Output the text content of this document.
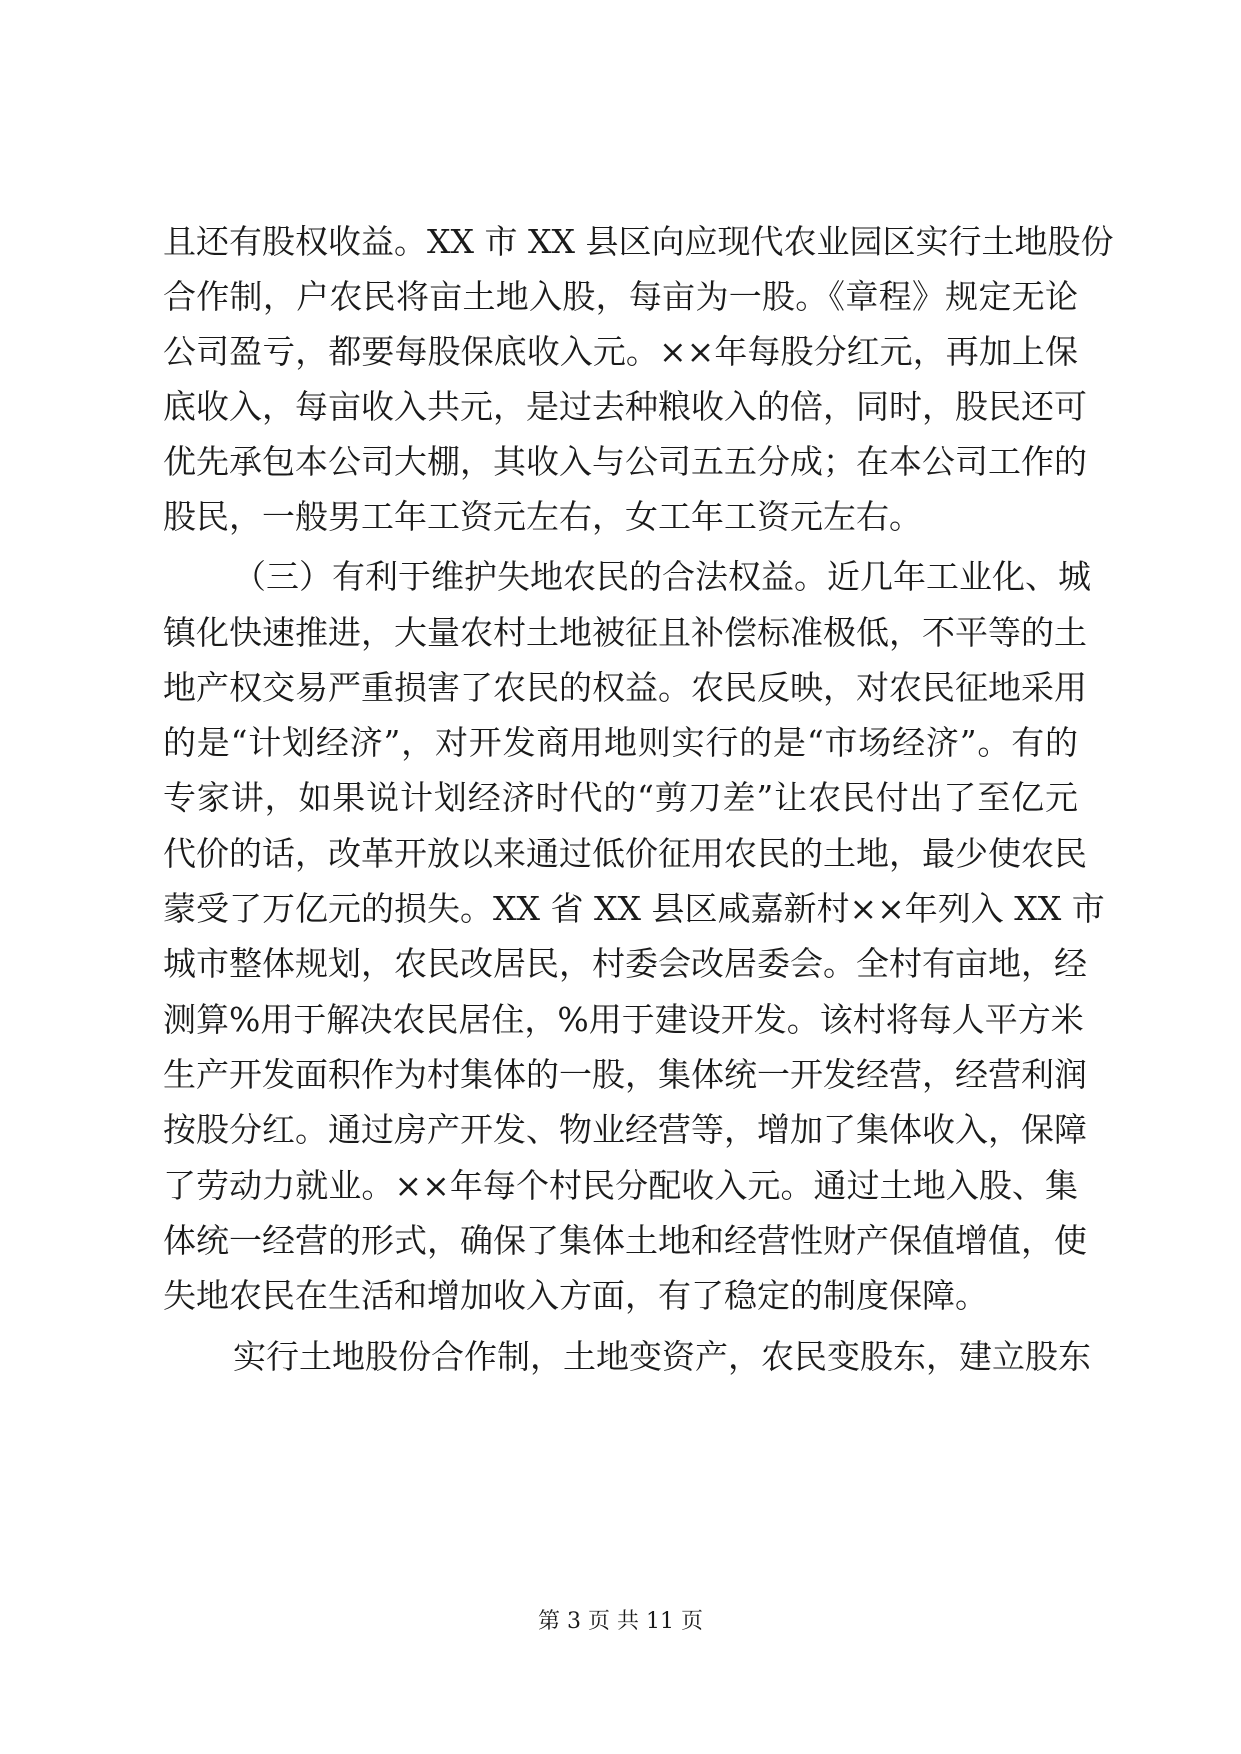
且还有股权收益。XX 市 XX 县区向应现代农业园区实行土地股份
合作制，户农民将亩土地入股，每亩为一股。《章程》规定无论
公司盈亏，都要每股保底收入元。××年每股分红元，再加上保
底收入，每亩收入共元，是过去种粮收入的倍，同时，股民还可
优先承包本公司大棚，其收入与公司五五分成；在本公司工作的
股民，一般男工年工资元左右，女工年工资元左右。
（三）有利于维护失地农民的合法权益。近几年工业化、城
镇化快速推进，大量农村土地被征且补偿标准极低，不平等的土
地产权交易严重损害了农民的权益。农民反映，对农民征地采用
的是“计划经济”，对开发商用地则实行的是“市场经济”。有的
专家讲，如果说计划经济时代的“剪刀差”让农民付出了至亿元
代价的话，改革开放以来通过低价征用农民的土地，最少使农民
蒙受了万亿元的损失。XX 省 XX 县区咸嘉新村××年列入 XX 市
城市整体规划，农民改居民，村委会改居委会。全村有亩地，经
测算%用于解决农民居住，%用于建设开发。该村将每人平方米
生产开发面积作为村集体的一股，集体统一开发经营，经营利润
按股分红。通过房产开发、物业经营等，增加了集体收入，保障
了劳动力就业。××年每个村民分配收入元。通过土地入股、集
体统一经营的形式，确保了集体土地和经营性财产保值增值，使
失地农民在生活和增加收入方面，有了稳定的制度保障。
实行土地股份合作制，土地变资产，农民变股东，建立股东
第 3 页 共 11 页
